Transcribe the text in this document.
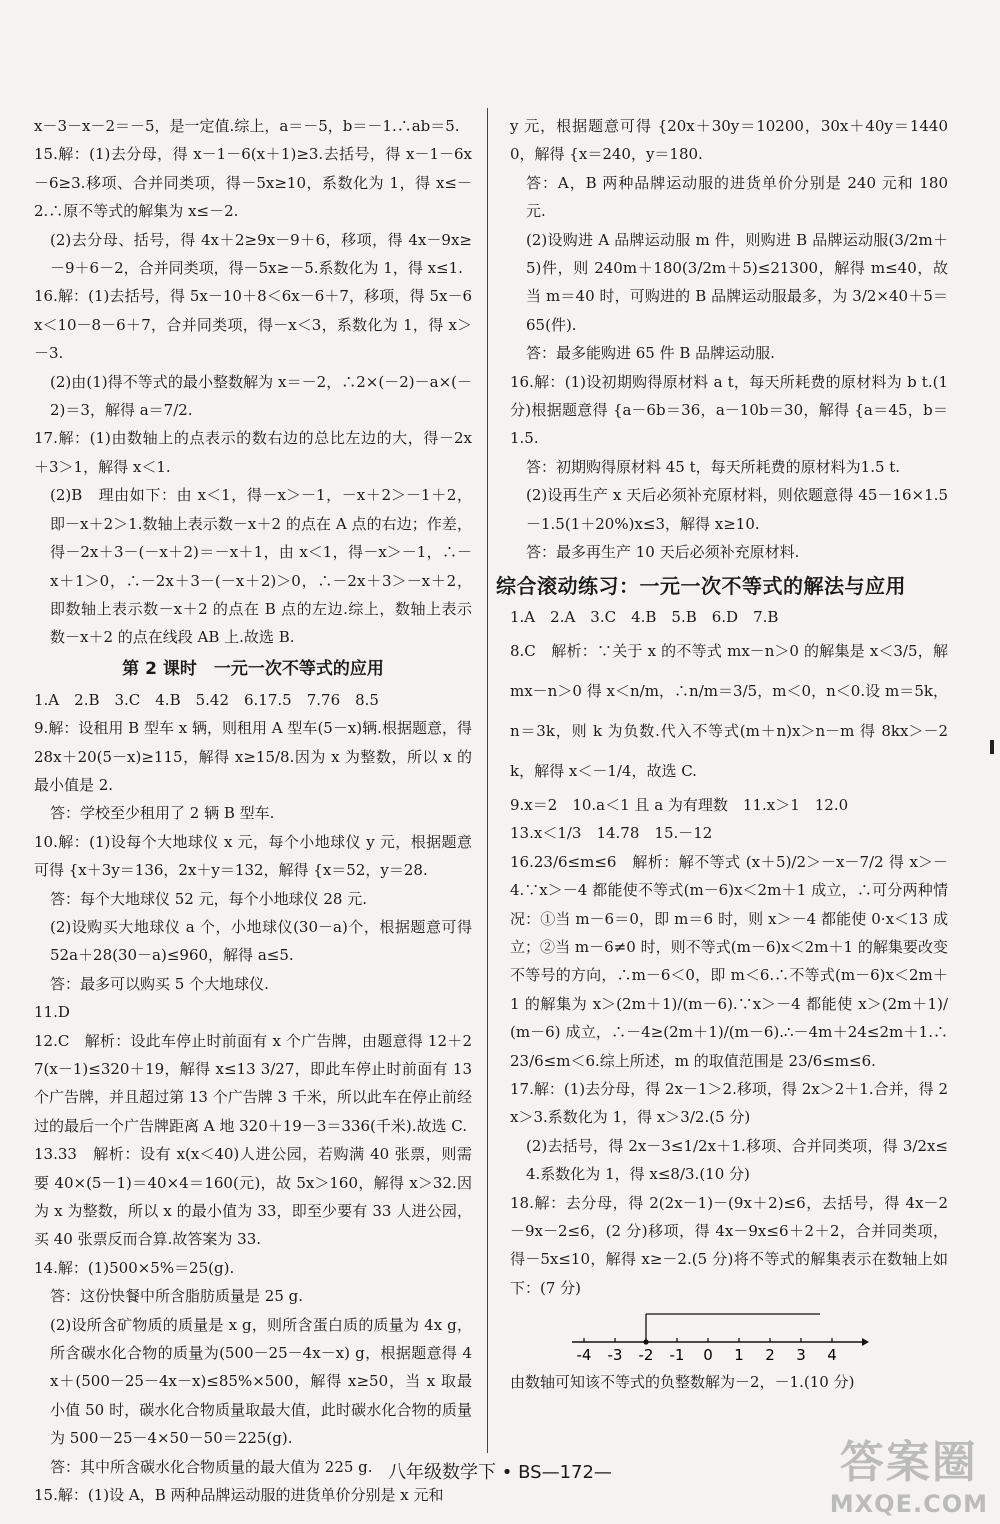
x－3－x－2＝－5，是一定值.综上，a＝－5，b＝－1.∴ab＝5.

15.解：(1)去分母，得 x－1－6(x＋1)≥3.去括号，得 x－1－6x－6≥3.移项、合并同类项，得－5x≥10，系数化为 1，得 x≤－2.∴原不等式的解集为 x≤－2.

(2)去分母、括号，得 4x＋2≥9x－9＋6，移项，得 4x－9x≥－9＋6－2，合并同类项，得－5x≥－5.系数化为 1，得 x≤1.

16.解：(1)去括号，得 5x－10＋8＜6x－6＋7，移项，得 5x－6x＜10－8－6＋7，合并同类项，得－x＜3，系数化为 1，得 x＞－3.

(2)由(1)得不等式的最小整数解为 x＝－2，∴2×(－2)－a×(－2)＝3，解得 a＝7/2.

17.解：(1)由数轴上的点表示的数右边的总比左边的大，得－2x＋3＞1，解得 x＜1.

(2)B　理由如下：由 x＜1，得－x＞－1，－x＋2＞－1＋2，即－x＋2＞1.数轴上表示数－x＋2 的点在 A 点的右边；作差，得－2x＋3－(－x＋2)＝－x＋1，由 x＜1，得－x＞－1，∴－x＋1＞0，∴－2x＋3－(－x＋2)＞0，∴－2x＋3＞－x＋2，即数轴上表示数－x＋2 的点在 B 点的左边.综上，数轴上表示数－x＋2 的点在线段 AB 上.故选 B.

第 2 课时　一元一次不等式的应用

1.A　2.B　3.C　4.B　5.42　6.17.5　7.76　8.5

9.解：设租用 B 型车 x 辆，则租用 A 型车(5－x)辆.根据题意，得 28x＋20(5－x)≥115，解得 x≥15/8.因为 x 为整数，所以 x 的最小值是 2.

答：学校至少租用了 2 辆 B 型车.

10.解：(1)设每个大地球仪 x 元，每个小地球仪 y 元，根据题意可得 {x＋3y＝136，2x＋y＝132，解得 {x＝52，y＝28.

答：每个大地球仪 52 元，每个小地球仪 28 元.

(2)设购买大地球仪 a 个，小地球仪(30－a)个，根据题意可得 52a＋28(30－a)≤960，解得 a≤5.

答：最多可以购买 5 个大地球仪.

11.D

12.C　解析：设此车停止时前面有 x 个广告牌，由题意得 12＋27(x－1)≤320＋19，解得 x≤13 3/27，即此车停止时前面有 13 个广告牌，并且超过第 13 个广告牌 3 千米，所以此车在停止前经过的最后一个广告牌距离 A 地 320＋19－3＝336(千米).故选 C.

13.33　解析：设有 x(x＜40)人进公园，若购满 40 张票，则需要 40×(5－1)＝40×4＝160(元)，故 5x＞160，解得 x＞32.因为 x 为整数，所以 x 的最小值为 33，即至少要有 33 人进公园，买 40 张票反而合算.故答案为 33.

14.解：(1)500×5%＝25(g).

答：这份快餐中所含脂肪质量是 25 g.

(2)设所含矿物质的质量是 x g，则所含蛋白质的质量为 4x g，所含碳水化合物的质量为(500－25－4x－x) g，根据题意得 4x＋(500－25－4x－x)≤85%×500，解得 x≥50，当 x 取最小值 50 时，碳水化合物质量取最大值，此时碳水化合物的质量为 500－25－4×50－50＝225(g).

答：其中所含碳水化合物质量的最大值为 225 g.

15.解：(1)设 A，B 两种品牌运动服的进货单价分别是 x 元和

y 元，根据题意可得 {20x＋30y＝10200，30x＋40y＝14400，解得 {x＝240，y＝180.

答：A，B 两种品牌运动服的进货单价分别是 240 元和 180 元.

(2)设购进 A 品牌运动服 m 件，则购进 B 品牌运动服(3/2m＋5)件，则 240m＋180(3/2m＋5)≤21300，解得 m≤40，故当 m＝40 时，可购进的 B 品牌运动服最多，为 3/2×40＋5＝65(件).

答：最多能购进 65 件 B 品牌运动服.

16.解：(1)设初期购得原材料 a t，每天所耗费的原材料为 b t.(1 分)根据题意得 {a－6b＝36，a－10b＝30，解得 {a＝45，b＝1.5.

答：初期购得原材料 45 t，每天所耗费的原材料为1.5 t.

(2)设再生产 x 天后必须补充原材料，则依题意得 45－16×1.5－1.5(1＋20%)x≤3，解得 x≥10.

答：最多再生产 10 天后必须补充原材料.

综合滚动练习：一元一次不等式的解法与应用

1.A　2.A　3.C　4.B　5.B　6.D　7.B

8.C　解析：∵关于 x 的不等式 mx－n＞0 的解集是 x＜3/5，解 mx－n＞0 得 x＜n/m，∴n/m＝3/5，m＜0，n＜0.设 m＝5k，n＝3k，则 k 为负数.代入不等式(m＋n)x＞n－m 得 8kx＞－2k，解得 x＜－1/4，故选 C.

9.x＝2　10.a＜1 且 a 为有理数　11.x＞1　12.0

13.x＜1/3　14.78　15.－12

16.23/6≤m≤6　解析：解不等式 (x＋5)/2＞－x－7/2 得 x＞－4.∵x＞－4 都能使不等式(m－6)x＜2m＋1 成立，∴可分两种情况：①当 m－6＝0，即 m＝6 时，则 x＞－4 都能使 0·x＜13 成立；②当 m－6≠0 时，则不等式(m－6)x＜2m＋1 的解集要改变不等号的方向，∴m－6＜0，即 m＜6.∴不等式(m－6)x＜2m＋1 的解集为 x＞(2m＋1)/(m－6).∵x＞－4 都能使 x＞(2m＋1)/(m－6) 成立，∴－4≥(2m＋1)/(m－6).∴－4m＋24≤2m＋1.∴23/6≤m＜6.综上所述，m 的取值范围是 23/6≤m≤6.

17.解：(1)去分母，得 2x－1＞2.移项，得 2x＞2＋1.合并，得 2x＞3.系数化为 1，得 x＞3/2.(5 分)

(2)去括号，得 2x－3≤1/2x＋1.移项、合并同类项，得 3/2x≤4.系数化为 1，得 x≤8/3.(10 分)

18.解：去分母，得 2(2x－1)－(9x＋2)≤6，去括号，得 4x－2－9x－2≤6，(2 分)移项，得 4x－9x≤6＋2＋2，合并同类项，得－5x≤10，解得 x≥－2.(5 分)将不等式的解集表示在数轴上如下：(7 分)

-4 -3 -2 -1 0 1 2 3 4

由数轴可知该不等式的负整数解为－2，－1.(10 分)

八年级数学下 • BS—172—	答案圈
MXQE.COM
